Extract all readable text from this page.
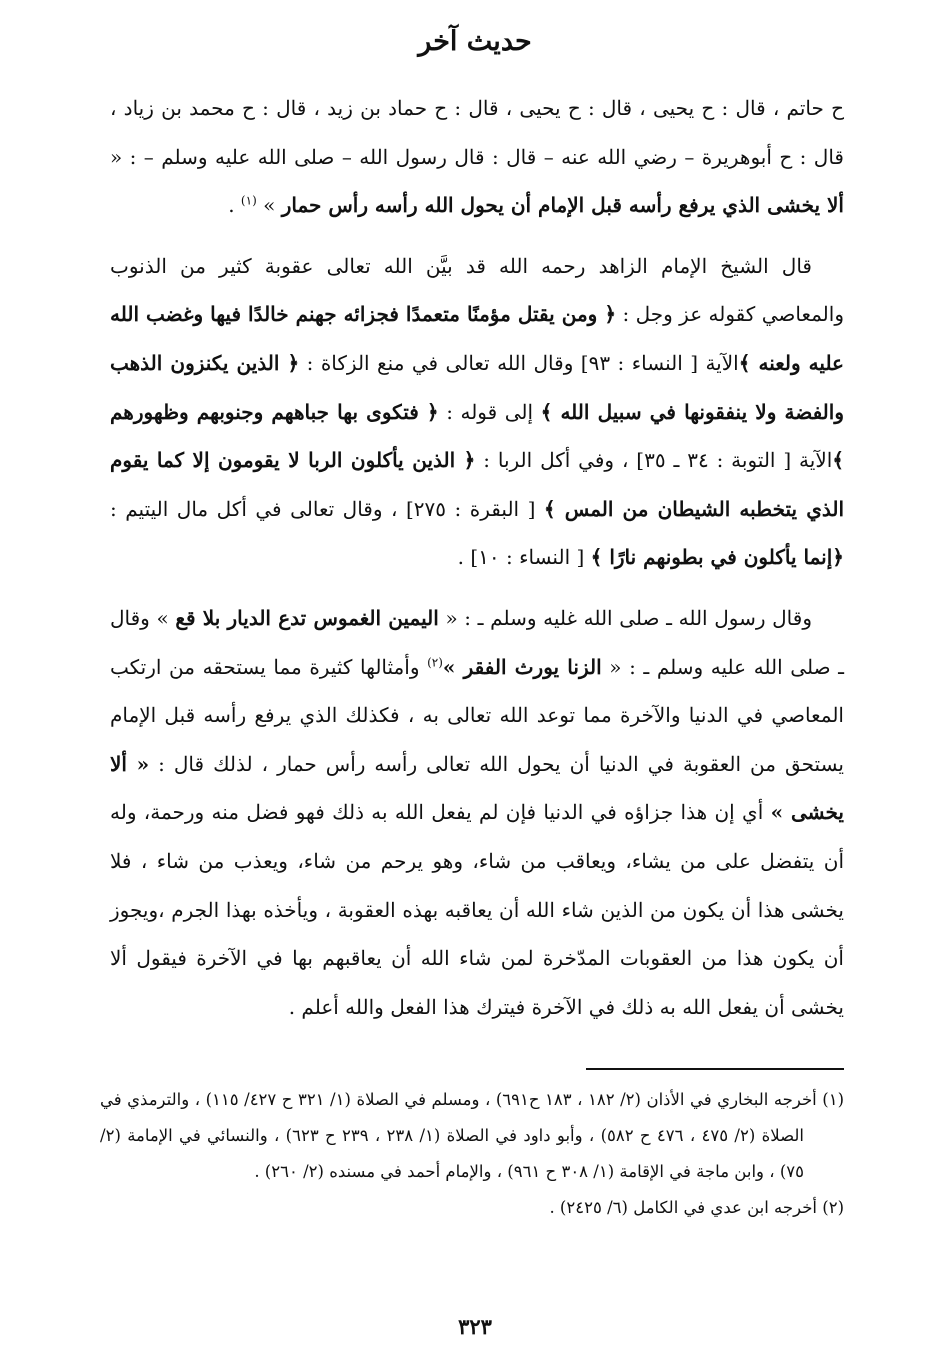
حديث آخر

ح حاتم ، قال : ح يحيى ، قال : ح يحيى ، قال : ح حماد بن زيد ، قال : ح محمد بن زياد ، قال : ح أبوهريرة – رضي الله عنه – قال : قال رسول الله – صلى الله عليه وسلم – : « ألا يخشى الذي يرفع رأسه قبل الإمام أن يحول الله رأسه رأس حمار » $^{(١)}$ .

قال الشيخ الإمام الزاهد رحمه الله قد بيَّن الله تعالى عقوبة كثير من الذنوب والمعاصي كقوله عز وجل : ﴿ ومن يقتل مؤمنًا متعمدًا فجزائه جهنم خالدًا فيها وغضب الله عليه ولعنه ﴾الآية [ النساء : ٩٣] وقال الله تعالى في منع الزكاة : ﴿ الذين يكنزون الذهب والفضة ولا ينفقونها في سبيل الله ﴾ إلى قوله : ﴿ فتكوى بها جباههم وجنوبهم وظهورهم ﴾الآية [ التوبة : ٣٤ ـ ٣٥] ، وفي أكل الربا : ﴿ الذين يأكلون الربا لا يقومون إلا كما يقوم الذي يتخطبه الشيطان من المس ﴾ [ البقرة : ٢٧٥] ، وقال تعالى في أكل مال اليتيم : ﴿إنما يأكلون في بطونهم نارًا ﴾ [ النساء : ١٠] .

وقال رسول الله ـ صلى الله غليه وسلم ـ : « اليمين الغموس تدع الديار بلا قع » وقال ـ صلى الله عليه وسلم ـ : « الزنا يورث الفقر »$^{(٢)}$ وأمثالها كثيرة مما يستحقه من ارتكب المعاصي في الدنيا والآخرة مما توعد الله تعالى به ، فكذلك الذي يرفع رأسه قبل الإمام يستحق من العقوبة في الدنيا أن يحول الله تعالى رأسه رأس حمار ، لذلك قال : « ألا يخشى » أي إن هذا جزاؤه في الدنيا فإن لم يفعل الله به ذلك فهو فضل منه ورحمة، وله أن يتفضل على من يشاء، ويعاقب من شاء، وهو يرحم من شاء، ويعذب من شاء ، فلا يخشى هذا أن يكون من الذين شاء الله أن يعاقبه بهذه العقوبة ، ويأخذه بهذا الجرم ،ويجوز أن يكون هذا من العقوبات المدّخرة لمن شاء الله أن يعاقبهم بها في الآخرة فيقول ألا يخشى أن يفعل الله به ذلك في الآخرة فيترك هذا الفعل والله أعلم .

(١) أخرجه البخاري في الأذان (٢/ ١٨٢ ، ١٨٣ ح٦٩١) ، ومسلم في الصلاة (١/ ٣٢١ ح ٤٢٧/ ١١٥) ، والترمذي في الصلاة (٢/ ٤٧٥ ، ٤٧٦ ح ٥٨٢) ، وأبو داود في الصلاة (١/ ٢٣٨ ، ٢٣٩ ح ٦٢٣) ، والنسائي في الإمامة (٢/ ٧٥) ، وابن ماجة في الإقامة (١/ ٣٠٨ ح ٩٦١) ، والإمام أحمد في مسنده (٢/ ٢٦٠) .

(٢) أخرجه ابن عدي في الكامل (٦/ ٢٤٢٥) .

٣٢٣
